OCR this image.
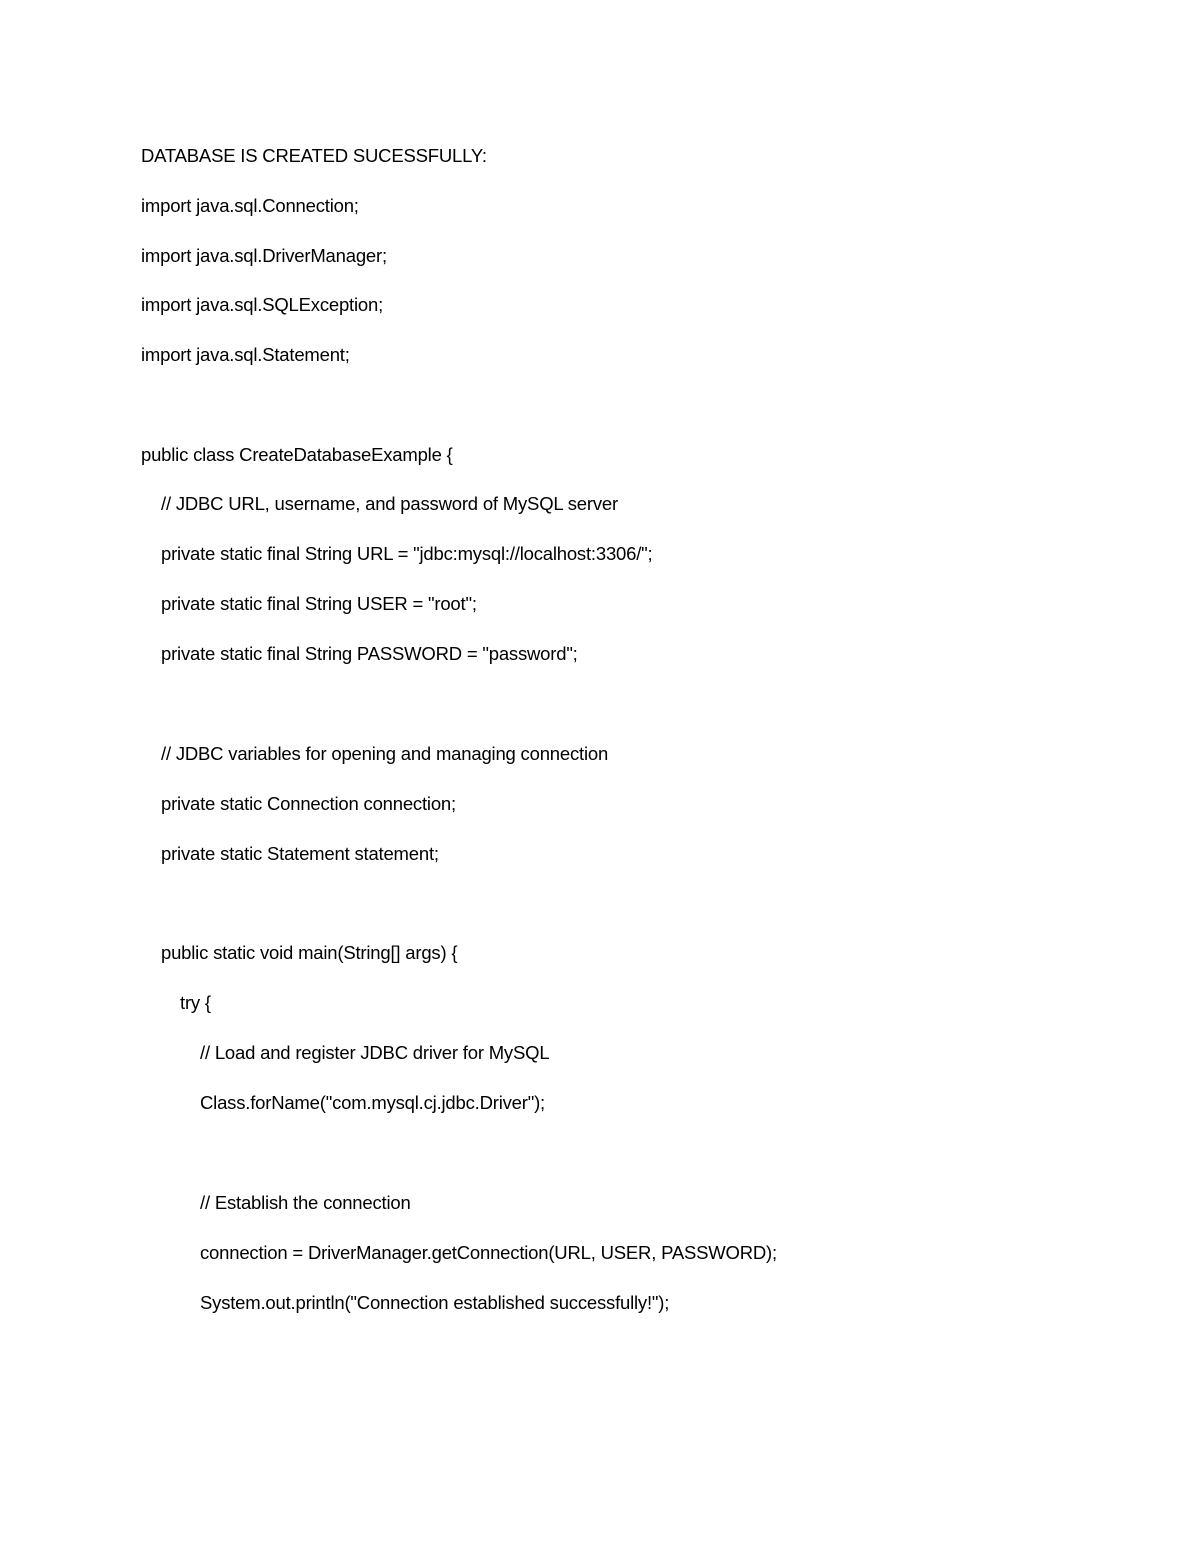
DATABASE IS CREATED SUCESSFULLY:
import java.sql.Connection;
import java.sql.DriverManager;
import java.sql.SQLException;
import java.sql.Statement;
public class CreateDatabaseExample {
// JDBC URL, username, and password of MySQL server
private static final String URL = "jdbc:mysql://localhost:3306/";
private static final String USER = "root";
private static final String PASSWORD = "password";
// JDBC variables for opening and managing connection
private static Connection connection;
private static Statement statement;
public static void main(String[] args) {
try {
// Load and register JDBC driver for MySQL
Class.forName("com.mysql.cj.jdbc.Driver");
// Establish the connection
connection = DriverManager.getConnection(URL, USER, PASSWORD);
System.out.println("Connection established successfully!");
